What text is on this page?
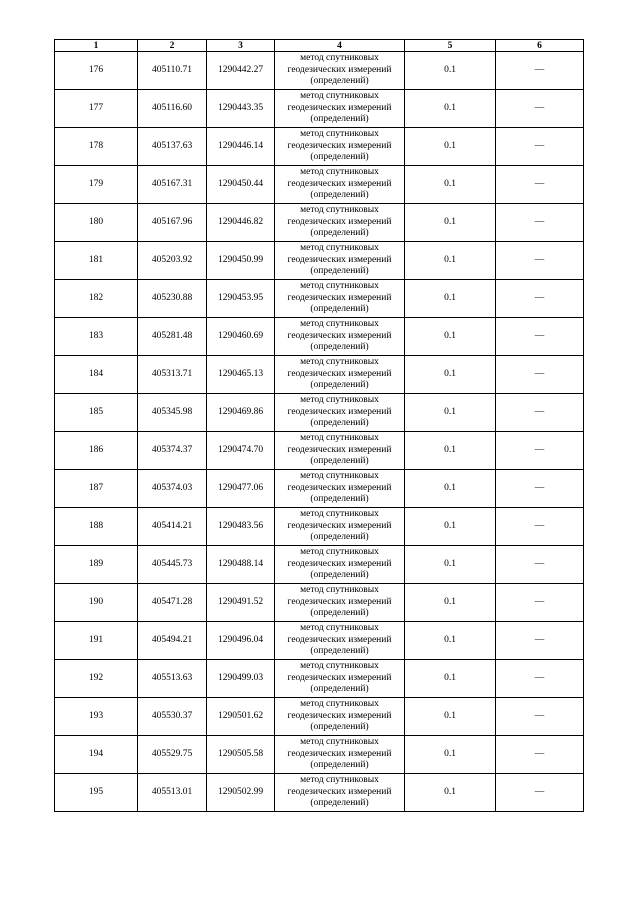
1	2	3	4	5	6
176	405110.71	1290442.27	метод спутниковых
геодезических измерений
(определений)	0.1	—
177	405116.60	1290443.35	метод спутниковых
геодезических измерений
(определений)	0.1	—
178	405137.63	1290446.14	метод спутниковых
геодезических измерений
(определений)	0.1	—
179	405167.31	1290450.44	метод спутниковых
геодезических измерений
(определений)	0.1	—
180	405167.96	1290446.82	метод спутниковых
геодезических измерений
(определений)	0.1	—
181	405203.92	1290450.99	метод спутниковых
геодезических измерений
(определений)	0.1	—
182	405230.88	1290453.95	метод спутниковых
геодезических измерений
(определений)	0.1	—
183	405281.48	1290460.69	метод спутниковых
геодезических измерений
(определений)	0.1	—
184	405313.71	1290465.13	метод спутниковых
геодезических измерений
(определений)	0.1	—
185	405345.98	1290469.86	метод спутниковых
геодезических измерений
(определений)	0.1	—
186	405374.37	1290474.70	метод спутниковых
геодезических измерений
(определений)	0.1	—
187	405374.03	1290477.06	метод спутниковых
геодезических измерений
(определений)	0.1	—
188	405414.21	1290483.56	метод спутниковых
геодезических измерений
(определений)	0.1	—
189	405445.73	1290488.14	метод спутниковых
геодезических измерений
(определений)	0.1	—
190	405471.28	1290491.52	метод спутниковых
геодезических измерений
(определений)	0.1	—
191	405494.21	1290496.04	метод спутниковых
геодезических измерений
(определений)	0.1	—
192	405513.63	1290499.03	метод спутниковых
геодезических измерений
(определений)	0.1	—
193	405530.37	1290501.62	метод спутниковых
геодезических измерений
(определений)	0.1	—
194	405529.75	1290505.58	метод спутниковых
геодезических измерений
(определений)	0.1	—
195	405513.01	1290502.99	метод спутниковых
геодезических измерений
(определений)	0.1	—
